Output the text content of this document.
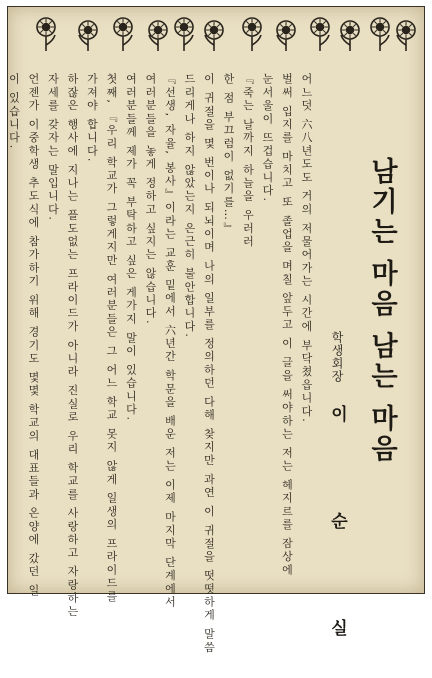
남기는 마음 남는 마음
학생회장
이 순 실
어느덧 六八년도도 거의 저물어가는 시간에 부닥쳤읍니다.
벌써 입지를 마치고 또 졸업을 며칠 앞두고 이 글을 써야하는 저는 헤지르를 잠상에
눈서울이 뜨겁습니다.
『죽는 날까지 하늘을 우러러
한 점 부끄럼이 없기를…』
이 귀절을 몇 번이나 되뇌이며 나의 일부를 정의하던 다해 찾지만 과연 이 귀절을 떳떳하게 말씀
드리게나 하지 않았는지 은근히 불안합니다.
『선생, 자율, 봉사』이라는 교훈 밑에서 六년간 학문을 배운 저는 이제 마지막 단계에서
여러분들을 놓게 정하고 싶지는 않습니다.
여러분들께 제가 꼭 부탁하고 싶은 게가지 말이 있습니다.
첫째, 『우리 학교가 그렇게지만 여러분들은 그 어느 학교 못지 않게 일생의 프라이드를
가져야 합니다.
하잖은 행사에 지나는 플도없는 프라이드가 아니라 진실로 우리 학교를 사랑하고 자랑하는
자세를 갖자는 말입니다.
언젠가 이중학생 추도식에 참가하기 위해 경기도 몇몇 학교의 대표들과 온양에 갔던 일
이 있습니다.
